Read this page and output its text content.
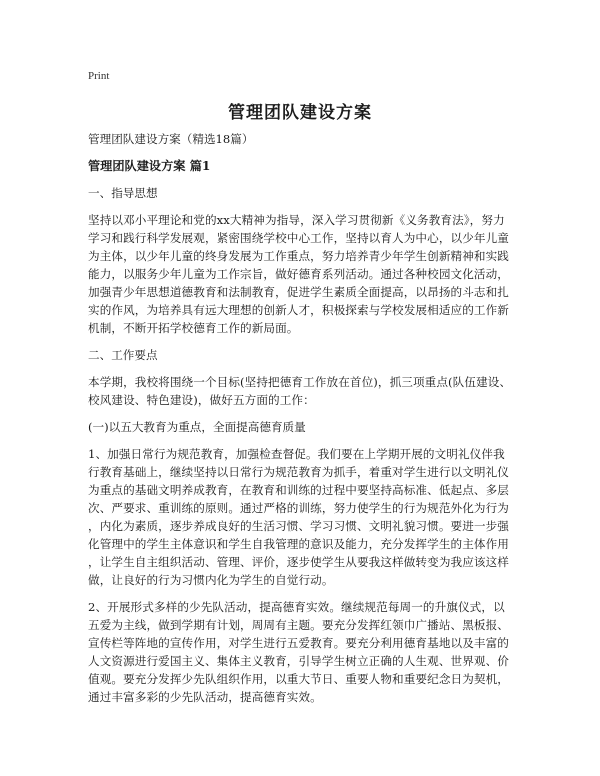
Print
管理团队建设方案

管理团队建设方案（精选18篇）

管理团队建设方案 篇1

一、指导思想

坚持以邓小平理论和党的xx大精神为指导，深入学习贯彻新《义务教育法》，努力

学习和践行科学发展观，紧密围绕学校中心工作，坚持以育人为中心，以少年儿童

为主体，以少年儿童的终身发展为工作重点，努力培养青少年学生创新精神和实践

能力，以服务少年儿童为工作宗旨，做好德育系列活动。通过各种校园文化活动，

加强青少年思想道德教育和法制教育，促进学生素质全面提高，以昂扬的斗志和扎

实的作风，为培养具有远大理想的创新人才，积极探索与学校发展相适应的工作新

机制，不断开拓学校德育工作的新局面。

二、工作要点

本学期，我校将围绕一个目标(坚持把德育工作放在首位)，抓三项重点(队伍建设、

校风建设、特色建设)，做好五方面的工作：

(一)以五大教育为重点，全面提高德育质量

1、加强日常行为规范教育，加强检查督促。我们要在上学期开展的文明礼仪伴我

行教育基础上，继续坚持以日常行为规范教育为抓手，着重对学生进行以文明礼仪

为重点的基础文明养成教育，在教育和训练的过程中要坚持高标准、低起点、多层

次、严要求、重训练的原则。通过严格的训练，努力使学生的行为规范外化为行为

，内化为素质，逐步养成良好的生活习惯、学习习惯、文明礼貌习惯。要进一步强

化管理中的学生主体意识和学生自我管理的意识及能力，充分发挥学生的主体作用

，让学生自主组织活动、管理、评价，逐步使学生从要我这样做转变为我应该这样

做，让良好的行为习惯内化为学生的自觉行动。

2、开展形式多样的少先队活动，提高德育实效。继续规范每周一的升旗仪式，以

五爱为主线，做到学期有计划，周周有主题。要充分发挥红领巾广播站、黑板报、

宣传栏等阵地的宣传作用，对学生进行五爱教育。要充分利用德育基地以及丰富的

人文资源进行爱国主义、集体主义教育，引导学生树立正确的人生观、世界观、价

值观。要充分发挥少先队组织作用，以重大节日、重要人物和重要纪念日为契机，

通过丰富多彩的少先队活动，提高德育实效。
